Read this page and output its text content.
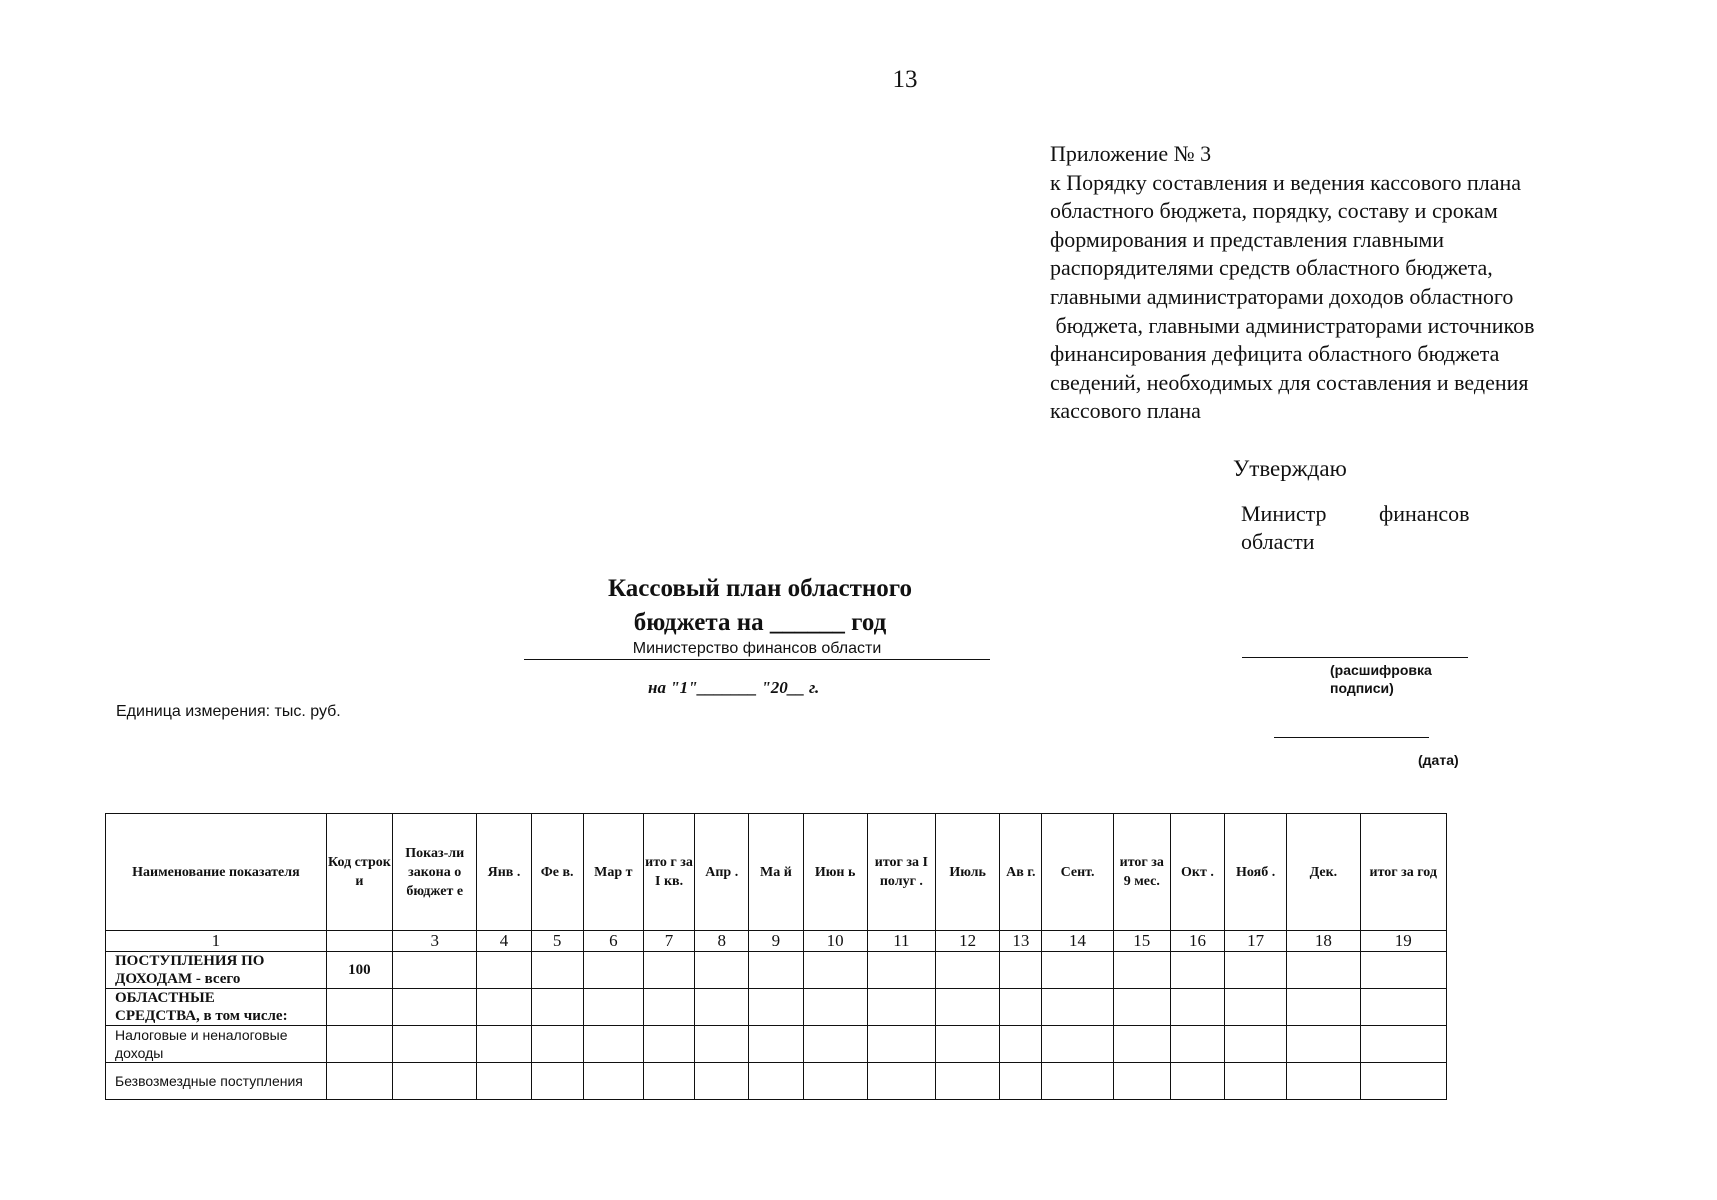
13
Приложение № 3
к Порядку составления и ведения кассового плана
областного бюджета, порядку, составу и срокам
формирования и представления главными
распорядителями средств областного бюджета,
главными администраторами доходов областного
бюджета, главными администраторами источников
финансирования дефицита областного бюджета
сведений, необходимых для составления и ведения
кассового плана
Утверждаю
Министр финансов

области
(расшифровка
подписи)
(дата)
Кассовый план областного
бюджета на ______ год
Министерство финансов области
на "1"_______ "20__ г.
Единица измерения: тыс. руб.
Наименование показателя	Код строк и	Показ-ли закона о бюджет е	Янв .	Фе в.	Мар т	ито г за I кв.	Апр .	Ма й	Июн ь	итог за I полуг .	Июль	Ав г.	Сент.	итог за 9 мес.	Окт .	Нояб .	Дек.	итог за год
1		3	4	5	6	7	8	9	10	11	12	13	14	15	16	17	18	19
ПОСТУПЛЕНИЯ ПО
ДОХОДАМ - всего	100																	
ОБЛАСТНЫЕ
СРЕДСТВА, в том числе:																		
Налоговые и неналоговые доходы																		
Безвозмездные поступления																		
